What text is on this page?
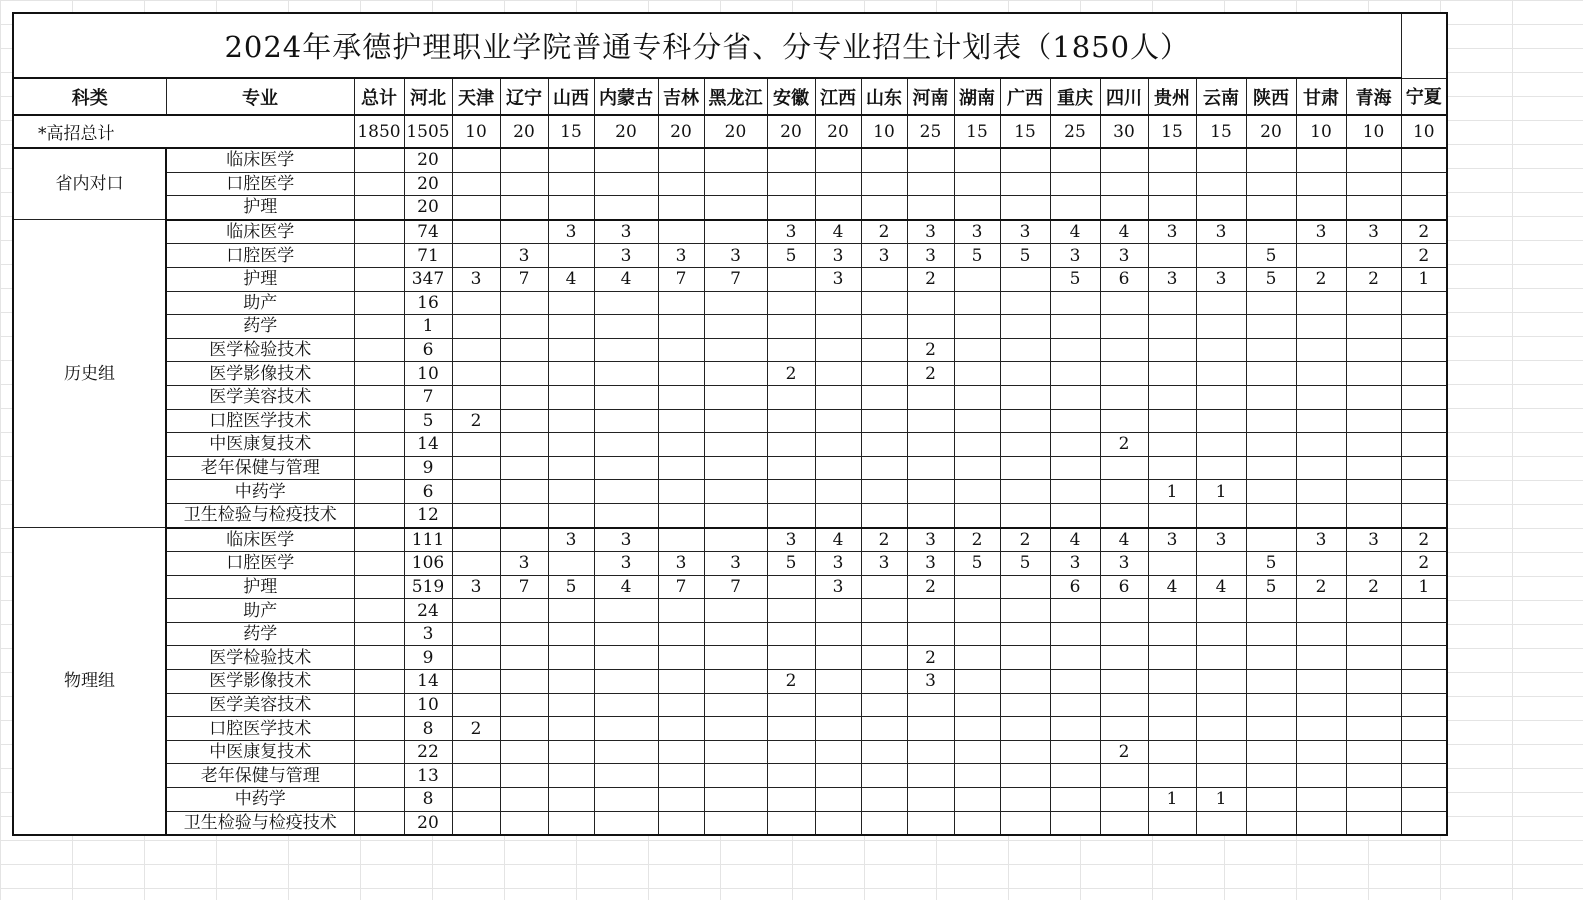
2024年承德护理职业学院普通专科分省、分专业招生计划表（1850人）																							
科类	专业	总计	河北	天津	辽宁	山西	内蒙古	吉林	黑龙江	安徽	江西	山东	河南	湖南	广西	重庆	四川	贵州	云南	陕西	甘肃	青海	宁夏
*高招总计		1850	1505	10	20	15	20	20	20	20	20	10	25	15	15	25	30	15	15	20	10	10	10
省内对口	临床医学		20																				
	口腔医学		20																				
	护理		20																				
历史组	临床医学		74			3	3			3	4	2	3	3	3	4	4	3	3		3	3	2
	口腔医学		71		3		3	3	3	5	3	3	3	5	5	3	3			5			2
	护理		347	3	7	4	4	7	7		3		2			5	6	3	3	5	2	2	1
	助产		16																				
	药学		1																				
	医学检验技术		6										2										
	医学影像技术		10							2			2										
	医学美容技术		7																				
	口腔医学技术		5	2																			
	中医康复技术		14														2						
	老年保健与管理		9																				
	中药学		6															1	1				
	卫生检验与检疫技术		12																				
物理组	临床医学		111			3	3			3	4	2	3	2	2	4	4	3	3		3	3	2
	口腔医学		106		3		3	3	3	5	3	3	3	5	5	3	3			5			2
	护理		519	3	7	5	4	7	7		3		2			6	6	4	4	5	2	2	1
	助产		24																				
	药学		3																				
	医学检验技术		9										2										
	医学影像技术		14							2			3										
	医学美容技术		10																				
	口腔医学技术		8	2																			
	中医康复技术		22														2						
	老年保健与管理		13																				
	中药学		8															1	1				
	卫生检验与检疫技术		20																				
